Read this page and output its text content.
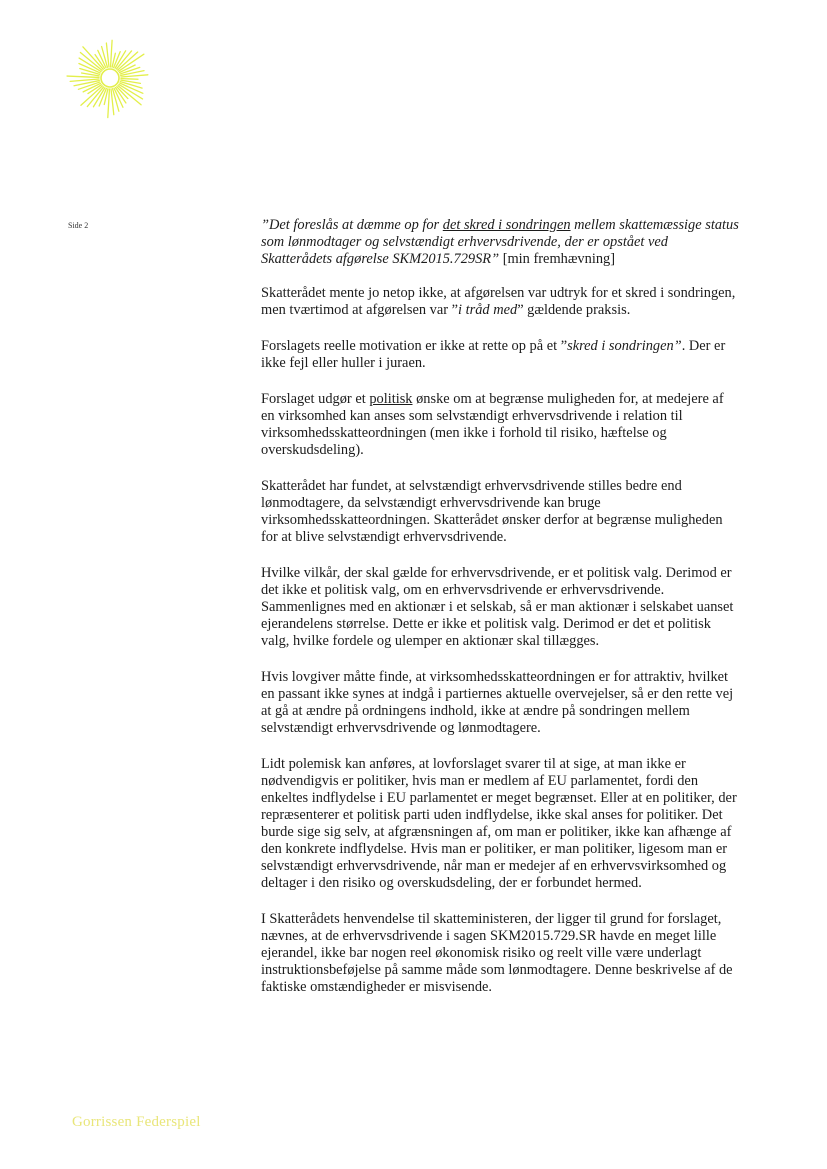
Side 2	”Det foreslås at dæmme op for det skred i sondringen mellem skattemæssige status som lønmodtager og selvstændigt erhvervsdrivende, der er opstået ved Skatterådets afgørelse SKM2015.729SR” [min fremhævning]

Skatterådet mente jo netop ikke, at afgørelsen var udtryk for et skred i sondringen, men tværtimod at afgørelsen var ”i tråd med” gældende praksis.

Forslagets reelle motivation er ikke at rette op på et ”skred i sondringen”. Der er ikke fejl eller huller i juraen.

Forslaget udgør et politisk ønske om at begrænse muligheden for, at medejere af en virksomhed kan anses som selvstændigt erhvervsdrivende i relation til virksomhedsskatteordningen (men ikke i forhold til risiko, hæftelse og overskudsdeling).

Skatterådet har fundet, at selvstændigt erhvervsdrivende stilles bedre end lønmodtagere, da selvstændigt erhvervsdrivende kan bruge virksomhedsskatteordningen. Skatterådet ønsker derfor at begrænse muligheden for at blive selvstændigt erhvervsdrivende.

Hvilke vilkår, der skal gælde for erhvervsdrivende, er et politisk valg. Derimod er det ikke et politisk valg, om en erhvervsdrivende er erhvervsdrivende. Sammenlignes med en aktionær i et selskab, så er man aktionær i selskabet uanset ejerandelens størrelse. Dette er ikke et politisk valg. Derimod er det et politisk valg, hvilke fordele og ulemper en aktionær skal tillægges.

Hvis lovgiver måtte finde, at virksomhedsskatteordningen er for attraktiv, hvilket en passant ikke synes at indgå i partiernes aktuelle overvejelser, så er den rette vej at gå at ændre på ordningens indhold, ikke at ændre på sondringen mellem selvstændigt erhvervsdrivende og lønmodtagere.

Lidt polemisk kan anføres, at lovforslaget svarer til at sige, at man ikke er nødvendigvis er politiker, hvis man er medlem af EU parlamentet, fordi den enkeltes indflydelse i EU parlamentet er meget begrænset. Eller at en politiker, der repræsenterer et politisk parti uden indflydelse, ikke skal anses for politiker. Det burde sige sig selv, at afgrænsningen af, om man er politiker, ikke kan afhænge af den konkrete indflydelse. Hvis man er politiker, er man politiker, ligesom man er selvstændigt erhvervsdrivende, når man er medejer af en erhvervsvirksomhed og deltager i den risiko og overskudsdeling, der er forbundet hermed.

I Skatterådets henvendelse til skatteministeren, der ligger til grund for forslaget, nævnes, at de erhvervsdrivende i sagen SKM2015.729.SR havde en meget lille ejerandel, ikke bar nogen reel økonomisk risiko og reelt ville være underlagt instruktionsbeføjelse på samme måde som lønmodtagere. Denne beskrivelse af de faktiske omstændigheder er misvisende.

Gorrissen Federspiel
